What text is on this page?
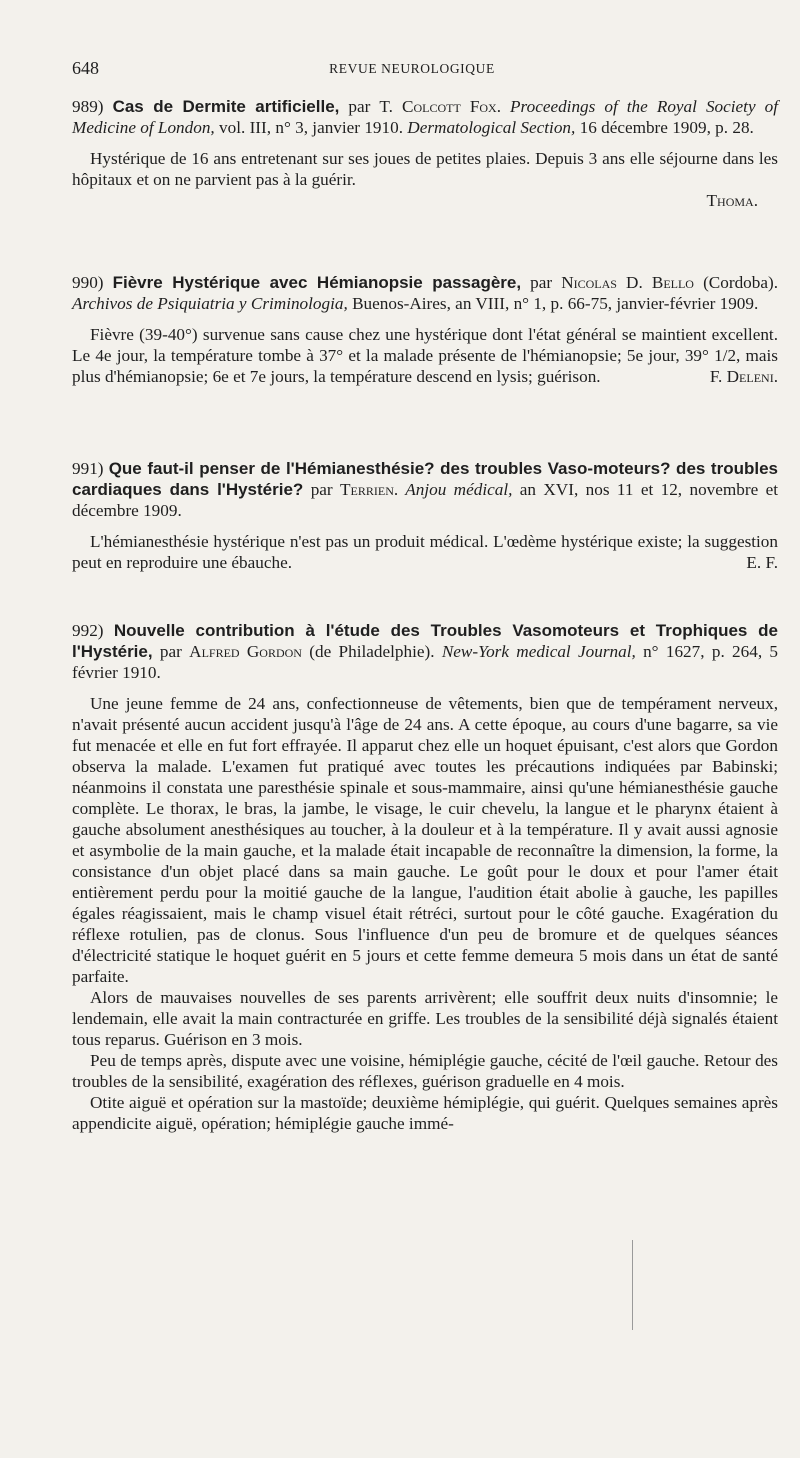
648	REVUE NEUROLOGIQUE

989) Cas de Dermite artificielle, par T. Colcott Fox. Proceedings of the Royal Society of Medicine of London, vol. III, n° 3, janvier 1910. Dermatological Section, 16 décembre 1909, p. 28.

Hystérique de 16 ans entretenant sur ses joues de petites plaies. Depuis 3 ans elle séjourne dans les hôpitaux et on ne parvient pas à la guérir.

Thoma.

990) Fièvre Hystérique avec Hémianopsie passagère, par Nicolas D. Bello (Cordoba). Archivos de Psiquiatria y Criminologia, Buenos-Aires, an VIII, n° 1, p. 66-75, janvier-février 1909.

Fièvre (39-40°) survenue sans cause chez une hystérique dont l'état général se maintient excellent. Le 4e jour, la température tombe à 37° et la malade présente de l'hémianopsie; 5e jour, 39° 1/2, mais plus d'hémianopsie; 6e et 7e jours, la température descend en lysis; guérison.	F. Deleni.

991) Que faut-il penser de l'Hémianesthésie? des troubles Vaso-moteurs? des troubles cardiaques dans l'Hystérie? par Terrien. Anjou médical, an XVI, nos 11 et 12, novembre et décembre 1909.

L'hémianesthésie hystérique n'est pas un produit médical. L'œdème hystérique existe; la suggestion peut en reproduire une ébauche.	E. F.

992) Nouvelle contribution à l'étude des Troubles Vasomoteurs et Trophiques de l'Hystérie, par Alfred Gordon (de Philadelphie). New-York medical Journal, n° 1627, p. 264, 5 février 1910.

Une jeune femme de 24 ans, confectionneuse de vêtements, bien que de tempérament nerveux, n'avait présenté aucun accident jusqu'à l'âge de 24 ans. A cette époque, au cours d'une bagarre, sa vie fut menacée et elle en fut fort effrayée. Il apparut chez elle un hoquet épuisant, c'est alors que Gordon observa la malade. L'examen fut pratiqué avec toutes les précautions indiquées par Babinski; néanmoins il constata une paresthésie spinale et sous-mammaire, ainsi qu'une hémianesthésie gauche complète. Le thorax, le bras, la jambe, le visage, le cuir chevelu, la langue et le pharynx étaient à gauche absolument anesthésiques au toucher, à la douleur et à la température. Il y avait aussi agnosie et asymbolie de la main gauche, et la malade était incapable de reconnaître la dimension, la forme, la consistance d'un objet placé dans sa main gauche. Le goût pour le doux et pour l'amer était entièrement perdu pour la moitié gauche de la langue, l'audition était abolie à gauche, les papilles égales réagissaient, mais le champ visuel était rétréci, surtout pour le côté gauche. Exagération du réflexe rotulien, pas de clonus. Sous l'influence d'un peu de bromure et de quelques séances d'électricité statique le hoquet guérit en 5 jours et cette femme demeura 5 mois dans un état de santé parfaite.

Alors de mauvaises nouvelles de ses parents arrivèrent; elle souffrit deux nuits d'insomnie; le lendemain, elle avait la main contracturée en griffe. Les troubles de la sensibilité déjà signalés étaient tous reparus. Guérison en 3 mois.

Peu de temps après, dispute avec une voisine, hémiplégie gauche, cécité de l'œil gauche. Retour des troubles de la sensibilité, exagération des réflexes, guérison graduelle en 4 mois.

Otite aiguë et opération sur la mastoïde; deuxième hémiplégie, qui guérit. Quelques semaines après appendicite aiguë, opération; hémiplégie gauche immé-
